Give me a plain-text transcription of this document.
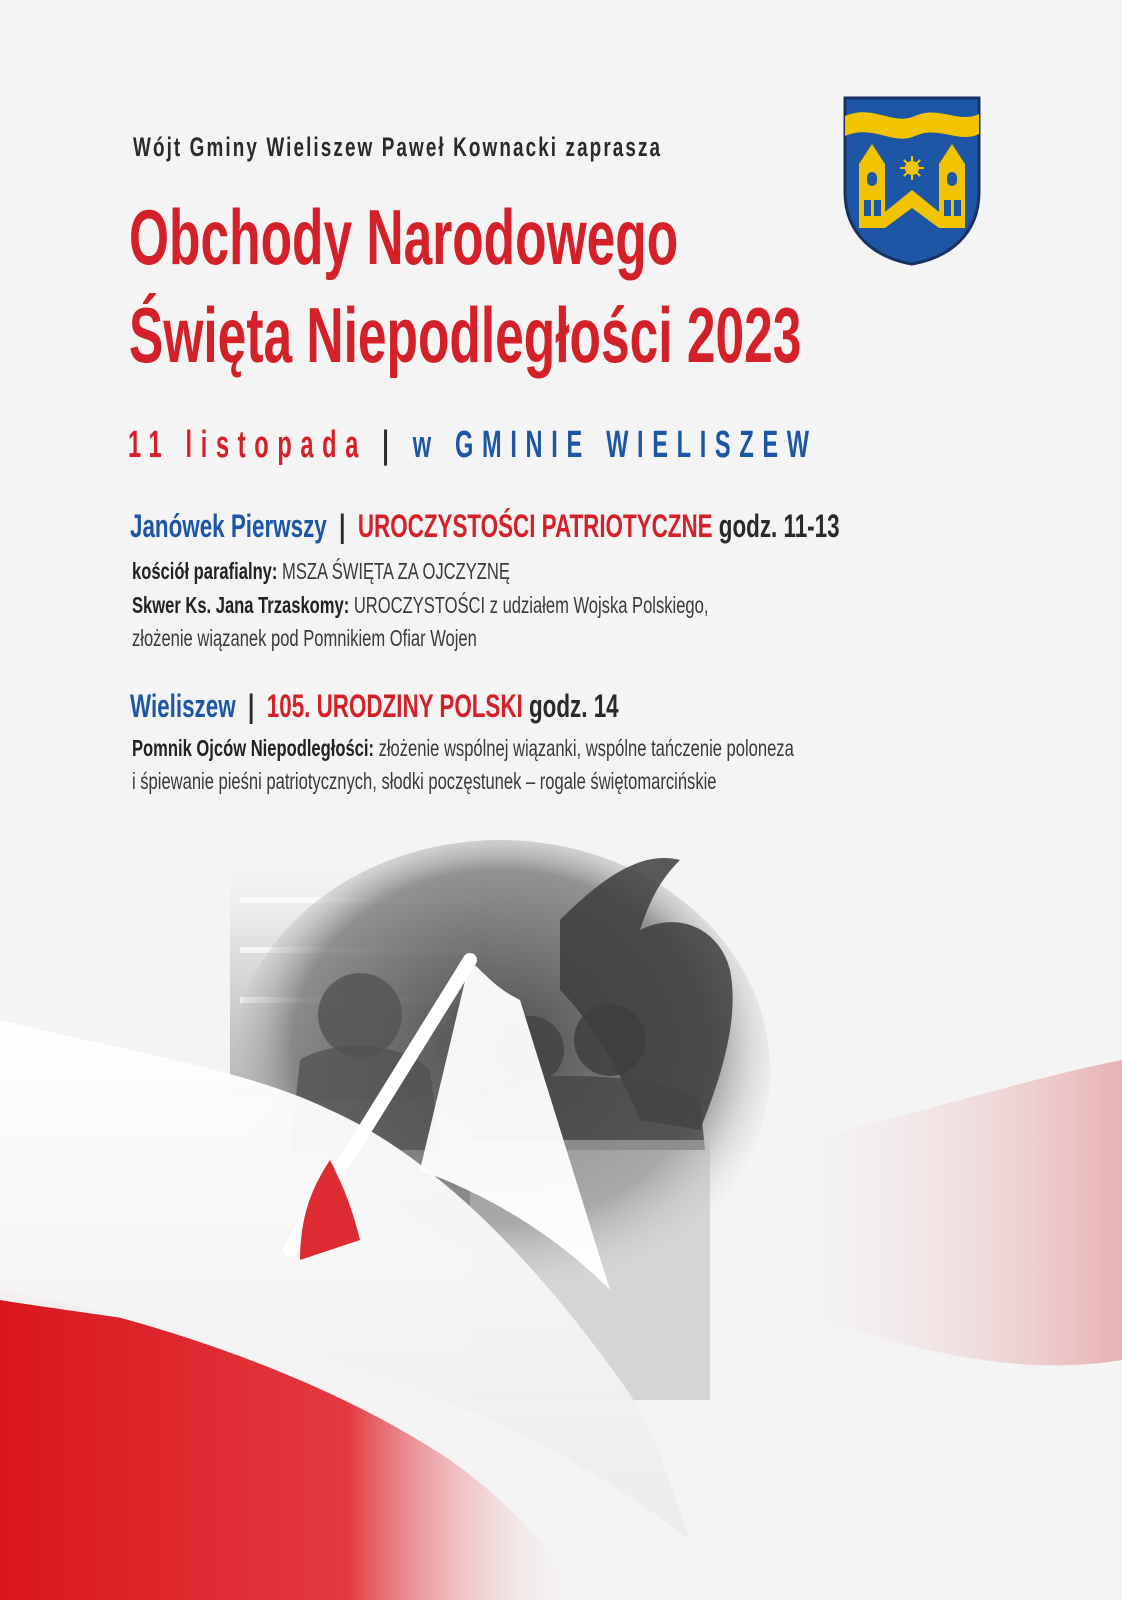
Wójt Gminy Wieliszew Paweł Kownacki zaprasza
Obchody Narodowego
Święta Niepodległości 2023
11 listopada | w GMINIE WIELISZEW
Janówek Pierwszy | UROCZYSTOŚCI PATRIOTYCZNE godz. 11-13
kościół parafialny: MSZA ŚWIĘTA ZA OJCZYZNĘ
Skwer Ks. Jana Trzaskomy: UROCZYSTOŚCI z udziałem Wojska Polskiego,
złożenie wiązanek pod Pomnikiem Ofiar Wojen
Wieliszew | 105. URODZINY POLSKI godz. 14
Pomnik Ojców Niepodległości: złożenie wspólnej wiązanki, wspólne tańczenie poloneza
i śpiewanie pieśni patriotycznych, słodki poczęstunek – rogale świętomarcińskie
